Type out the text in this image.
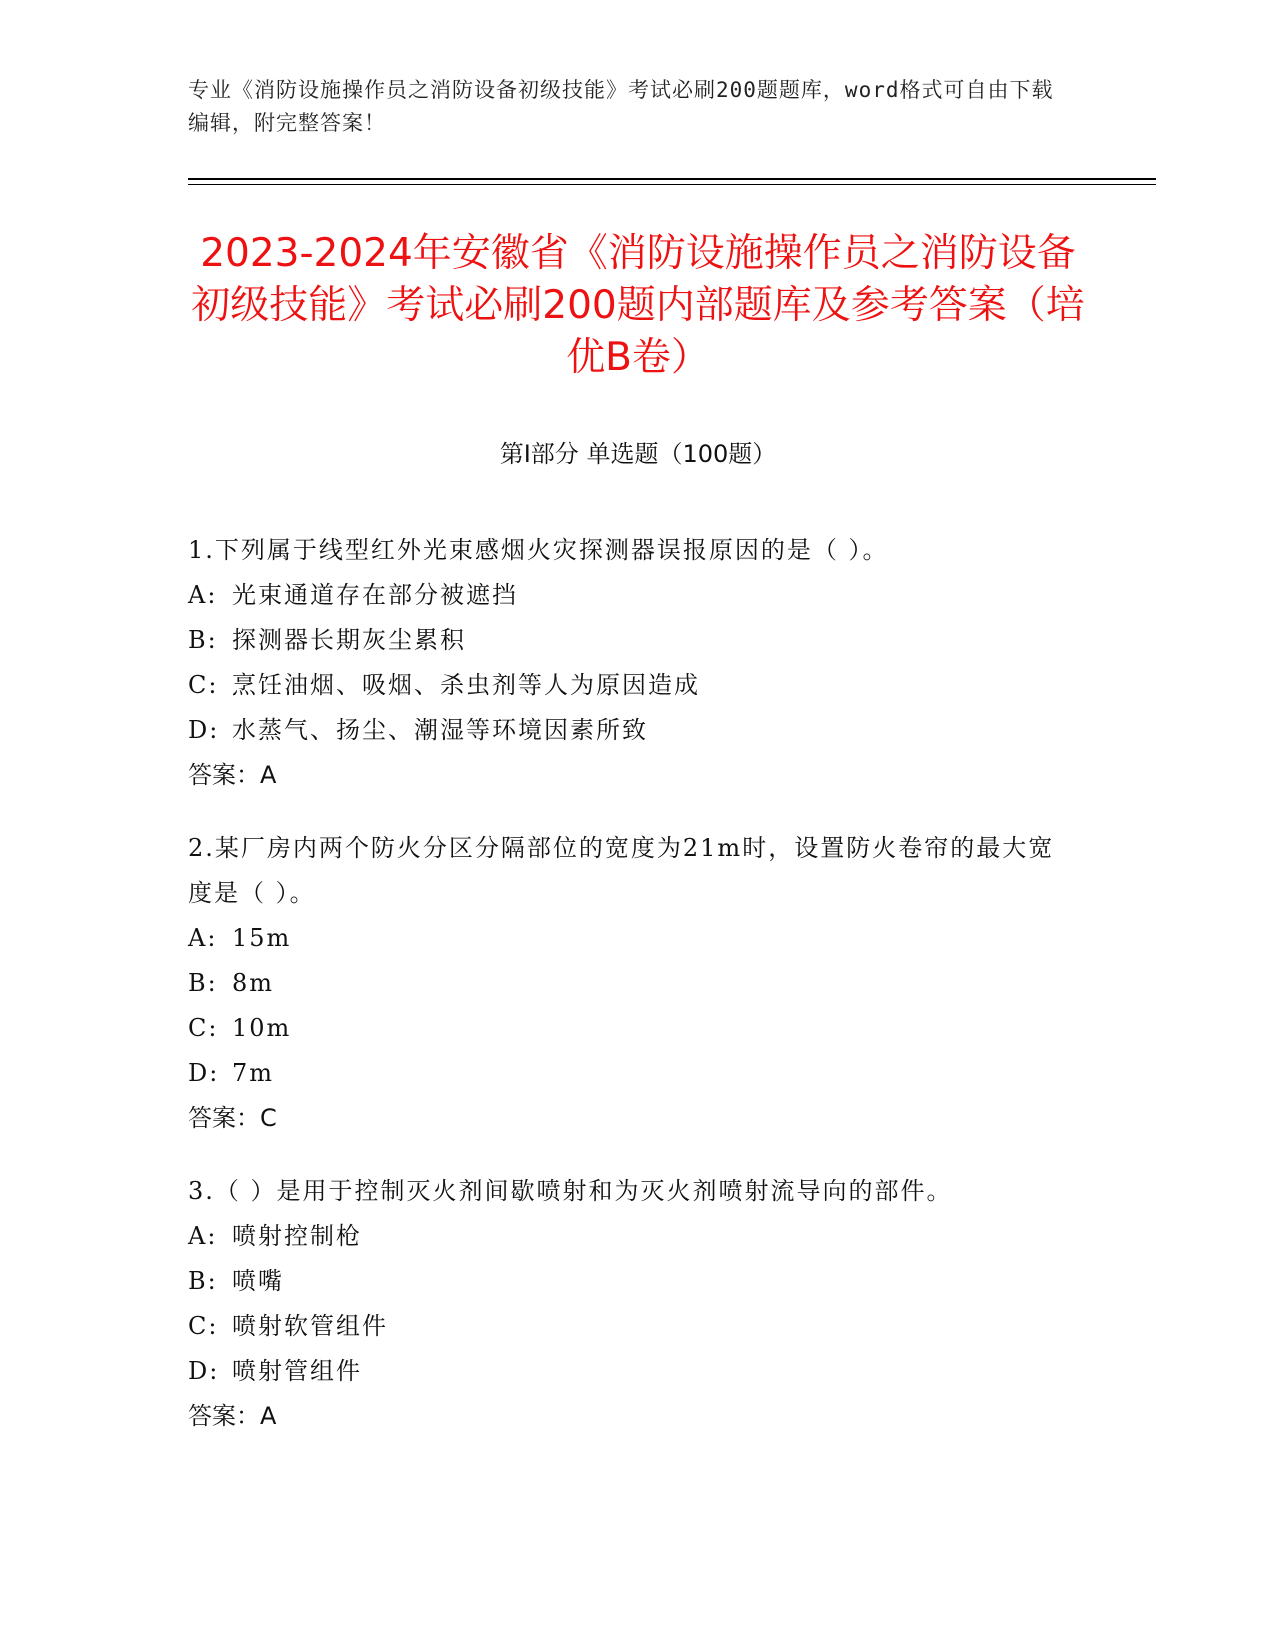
专业《消防设施操作员之消防设备初级技能》考试必刷200题题库，word格式可自由下载编辑，附完整答案！
2023-2024年安徽省《消防设施操作员之消防设备初级技能》考试必刷200题内部题库及参考答案（培优B卷）
第I部分 单选题（100题）
1.下列属于线型红外光束感烟火灾探测器误报原因的是（ ）。
A: 光束通道存在部分被遮挡
B: 探测器长期灰尘累积
C: 烹饪油烟、吸烟、杀虫剂等人为原因造成
D: 水蒸气、扬尘、潮湿等环境因素所致
答案：A
2.某厂房内两个防火分区分隔部位的宽度为21m时，设置防火卷帘的最大宽度是（ ）。
A: 15m
B: 8m
C: 10m
D: 7m
答案：C
3.（ ）是用于控制灭火剂间歇喷射和为灭火剂喷射流导向的部件。
A: 喷射控制枪
B: 喷嘴
C: 喷射软管组件
D: 喷射管组件
答案：A
